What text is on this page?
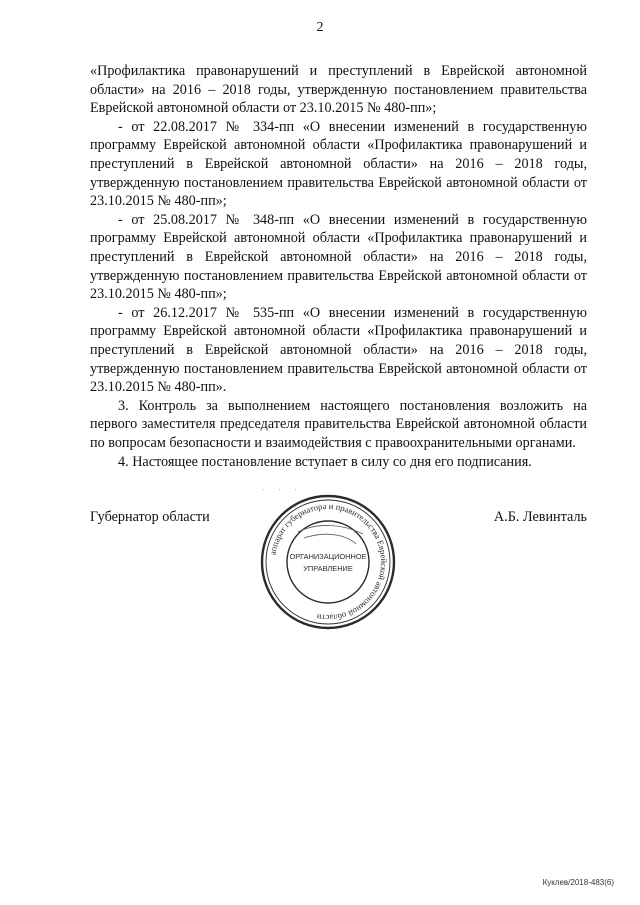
2

«Профилактика правонарушений и преступлений в Еврейской автономной области» на 2016 – 2018 годы, утвержденную постановлением правительства Еврейской автономной области от 23.10.2015 № 480-пп»;

- от 22.08.2017 № 334-пп «О внесении изменений в государственную программу Еврейской автономной области «Профилактика правонарушений и преступлений в Еврейской автономной области» на 2016 – 2018 годы, утвержденную постановлением правительства Еврейской автономной области от 23.10.2015 № 480-пп»;

- от 25.08.2017 № 348-пп «О внесении изменений в государственную программу Еврейской автономной области «Профилактика правонарушений и преступлений в Еврейской автономной области» на 2016 – 2018 годы, утвержденную постановлением правительства Еврейской автономной области от 23.10.2015 № 480-пп»;

- от 26.12.2017 № 535-пп «О внесении изменений в государственную программу Еврейской автономной области «Профилактика правонарушений и преступлений в Еврейской автономной области» на 2016 – 2018 годы, утвержденную постановлением правительства Еврейской автономной области от 23.10.2015 № 480-пп».

3. Контроль за выполнением настоящего постановления возложить на первого заместителя председателя правительства Еврейской автономной области по вопросам безопасности и взаимодействия с правоохранительными органами.

4. Настоящее постановление вступает в силу со дня его подписания.

· · ·
Губернатор области	А.Б. Левинталь
аппарат губернатора и правительства Еврейской автономной области
ОРГАНИЗАЦИОННОЕ
УПРАВЛЕНИЕ
Куклев/2018-483(6)
